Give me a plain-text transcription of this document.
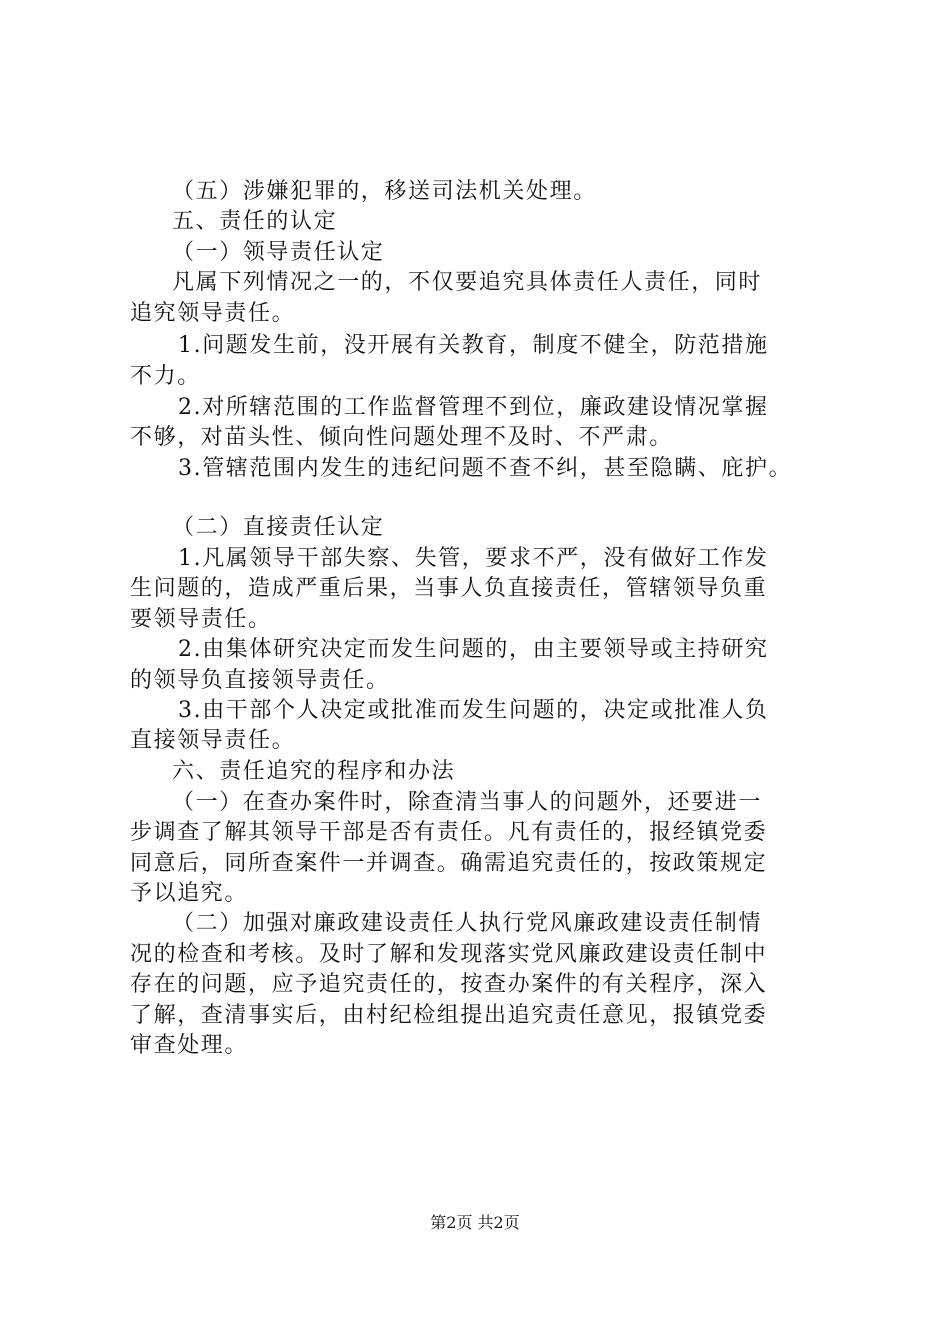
（五）涉嫌犯罪的，移送司法机关处理。
五、责任的认定
（一）领导责任认定
凡属下列情况之一的，不仅要追究具体责任人责任，同时
追究领导责任。
1.问题发生前，没开展有关教育，制度不健全，防范措施
不力。
2.对所辖范围的工作监督管理不到位，廉政建设情况掌握
不够，对苗头性、倾向性问题处理不及时、不严肃。
3.管辖范围内发生的违纪问题不查不纠，甚至隐瞒、庇护。
（二）直接责任认定
1.凡属领导干部失察、失管，要求不严，没有做好工作发
生问题的，造成严重后果，当事人负直接责任，管辖领导负重
要领导责任。
2.由集体研究决定而发生问题的，由主要领导或主持研究
的领导负直接领导责任。
3.由干部个人决定或批准而发生问题的，决定或批准人负
直接领导责任。
六、责任追究的程序和办法
（一）在查办案件时，除查清当事人的问题外，还要进一
步调查了解其领导干部是否有责任。凡有责任的，报经镇党委
同意后，同所查案件一并调查。确需追究责任的，按政策规定
予以追究。
（二）加强对廉政建设责任人执行党风廉政建设责任制情
况的检查和考核。及时了解和发现落实党风廉政建设责任制中
存在的问题，应予追究责任的，按查办案件的有关程序，深入
了解，查清事实后，由村纪检组提出追究责任意见，报镇党委
审查处理。
第2页 共2页
